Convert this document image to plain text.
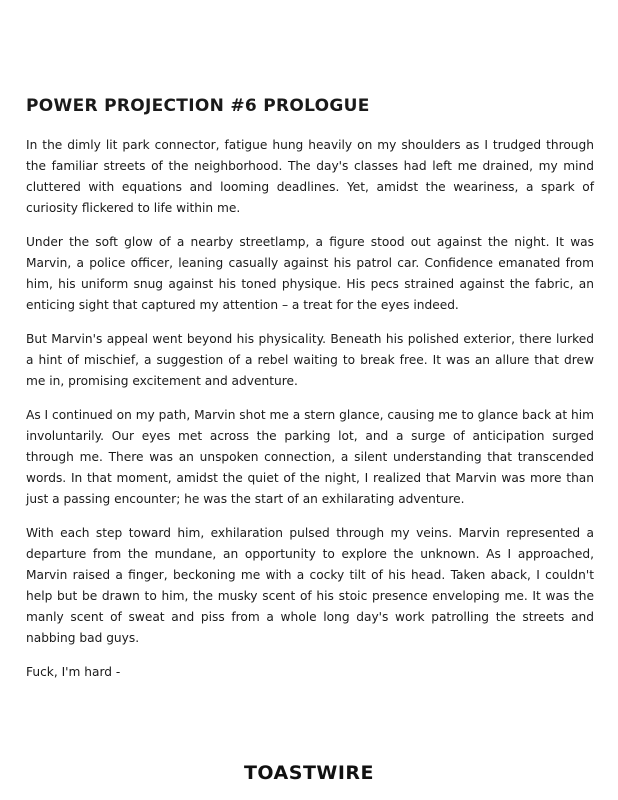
POWER PROJECTION #6 PROLOGUE

In the dimly lit park connector, fatigue hung heavily on my shoulders as I trudged through the familiar streets of the neighborhood. The day's classes had left me drained, my mind cluttered with equations and looming deadlines. Yet, amidst the weariness, a spark of curiosity flickered to life within me.

Under the soft glow of a nearby streetlamp, a figure stood out against the night. It was Marvin, a police officer, leaning casually against his patrol car. Confidence emanated from him, his uniform snug against his toned physique. His pecs strained against the fabric, an enticing sight that captured my attention – a treat for the eyes indeed.

But Marvin's appeal went beyond his physicality. Beneath his polished exterior, there lurked a hint of mischief, a suggestion of a rebel waiting to break free. It was an allure that drew me in, promising excitement and adventure.

As I continued on my path, Marvin shot me a stern glance, causing me to glance back at him involuntarily. Our eyes met across the parking lot, and a surge of anticipation surged through me. There was an unspoken connection, a silent understanding that transcended words. In that moment, amidst the quiet of the night, I realized that Marvin was more than just a passing encounter; he was the start of an exhilarating adventure.

With each step toward him, exhilaration pulsed through my veins. Marvin represented a departure from the mundane, an opportunity to explore the unknown. As I approached, Marvin raised a finger, beckoning me with a cocky tilt of his head. Taken aback, I couldn't help but be drawn to him, the musky scent of his stoic presence enveloping me. It was the manly scent of sweat and piss from a whole long day's work patrolling the streets and nabbing bad guys.

Fuck, I'm hard -

TOASTWIRE
